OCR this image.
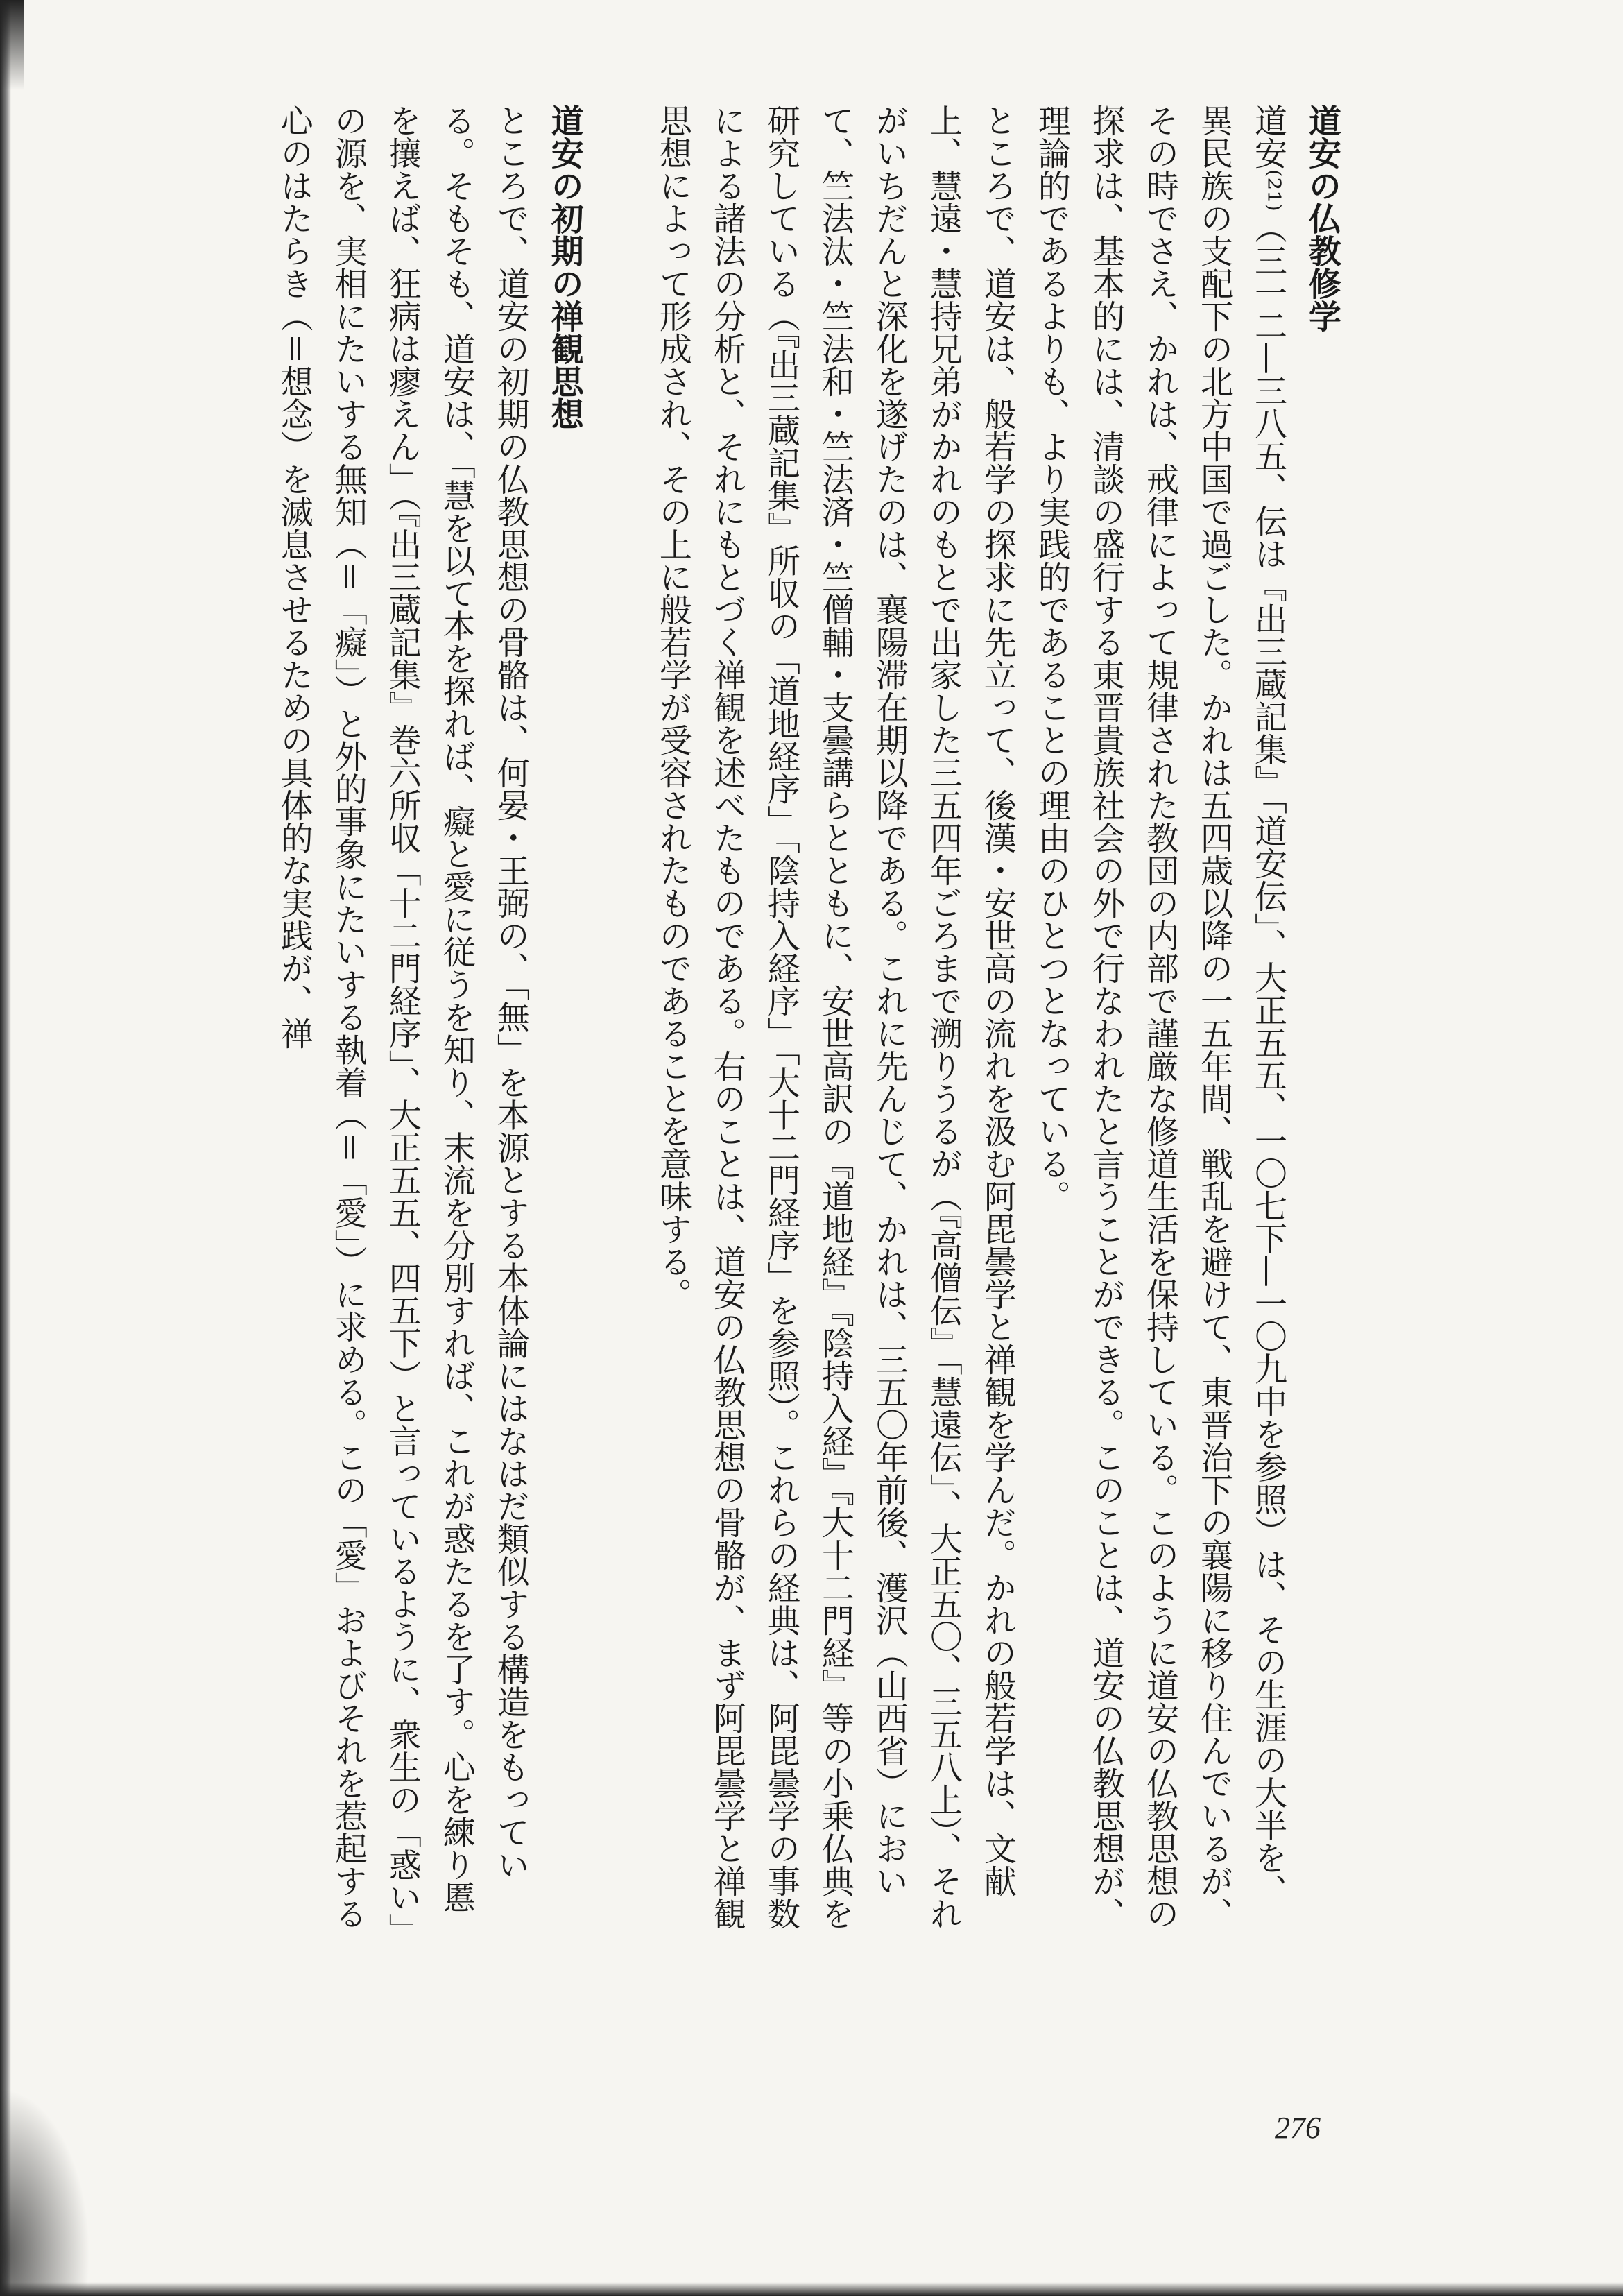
道安の仏教修学

道安⁽²¹⁾（三一二—三八五、伝は『出三蔵記集』「道安伝」、大正五五、一〇七下—一〇九中を参照）は、その生涯の大半を、異民族の支配下の北方中国で過ごした。かれは五四歳以降の一五年間、戦乱を避けて、東晋治下の襄陽に移り住んでいるが、その時でさえ、かれは、戒律によって規律された教団の内部で謹厳な修道生活を保持している。このように道安の仏教思想の探求は、基本的には、清談の盛行する東晋貴族社会の外で行なわれたと言うことができる。このことは、道安の仏教思想が、理論的であるよりも、より実践的であることの理由のひとつとなっている。

ところで、道安は、般若学の探求に先立って、後漢・安世高の流れを汲む阿毘曇学と禅観を学んだ。かれの般若学は、文献上、慧遠・慧持兄弟がかれのもとで出家した三五四年ごろまで溯りうるが（『高僧伝』「慧遠伝」、大正五〇、三五八上）、それがいちだんと深化を遂げたのは、襄陽滞在期以降である。これに先んじて、かれは、三五〇年前後、濩沢（山西省）において、竺法汰・竺法和・竺法済・竺僧輔・支曇講らとともに、安世高訳の『道地経』『陰持入経』『大十二門経』等の小乗仏典を研究している（『出三蔵記集』所収の「道地経序」「陰持入経序」「大十二門経序」を参照）。これらの経典は、阿毘曇学の事数による諸法の分析と、それにもとづく禅観を述べたものである。右のことは、道安の仏教思想の骨骼が、まず阿毘曇学と禅観思想によって形成され、その上に般若学が受容されたものであることを意味する。

道安の初期の禅観思想

ところで、道安の初期の仏教思想の骨骼は、何晏・王弼の、「無」を本源とする本体論にはなはだ類似する構造をもっている。そもそも、道安は、「慧を以て本を探れば、癡と愛に従うを知り、末流を分別すれば、これが惑たるを了す。心を練り慝を攘えば、狂病は瘳えん」（『出三蔵記集』巻六所収「十二門経序」、大正五五、四五下）と言っているように、衆生の「惑い」の源を、実相にたいする無知（＝「癡」）と外的事象にたいする執着（＝「愛」）に求める。この「愛」およびそれを惹起する心のはたらき（＝想念）を滅息させるための具体的な実践が、禅

276
